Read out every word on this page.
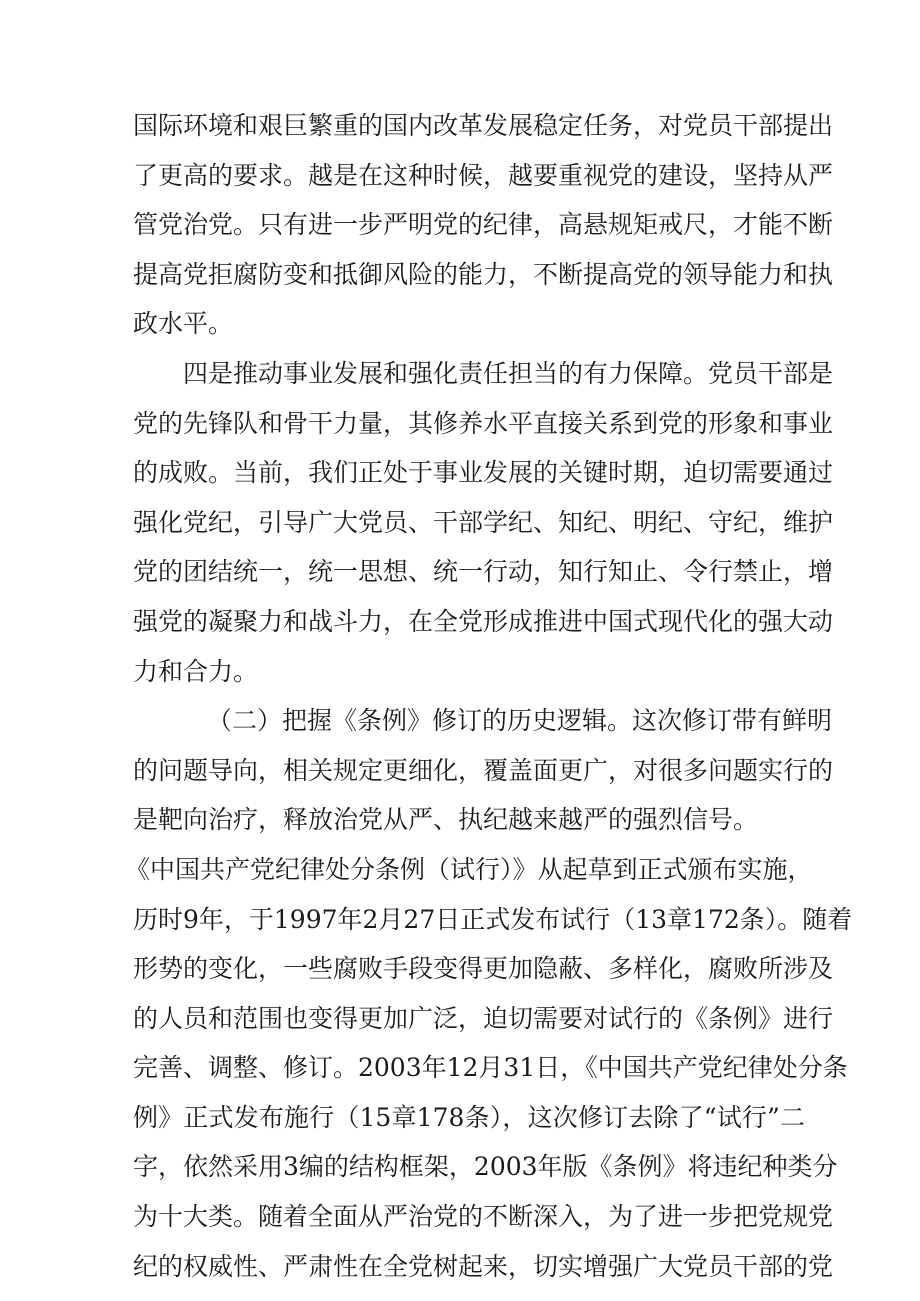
国际环境和艰巨繁重的国内改革发展稳定任务，对党员干部提出
了更高的要求。越是在这种时候，越要重视党的建设，坚持从严
管党治党。只有进一步严明党的纪律，高悬规矩戒尺，才能不断
提高党拒腐防变和抵御风险的能力，不断提高党的领导能力和执
政水平。
四是推动事业发展和强化责任担当的有力保障。党员干部是
党的先锋队和骨干力量，其修养水平直接关系到党的形象和事业
的成败。当前，我们正处于事业发展的关键时期，迫切需要通过
强化党纪，引导广大党员、干部学纪、知纪、明纪、守纪，维护
党的团结统一，统一思想、统一行动，知行知止、令行禁止，增
强党的凝聚力和战斗力，在全党形成推进中国式现代化的强大动
力和合力。
（二）把握《条例》修订的历史逻辑。这次修订带有鲜明
的问题导向，相关规定更细化，覆盖面更广，对很多问题实行的
是靶向治疗，释放治党从严、执纪越来越严的强烈信号。
《中国共产党纪律处分条例（试行）》从起草到正式颁布实施，
历时9年，于1997年2月27日正式发布试行（13章172条）。随着
形势的变化，一些腐败手段变得更加隐蔽、多样化，腐败所涉及
的人员和范围也变得更加广泛，迫切需要对试行的《条例》进行
完善、调整、修订。2003年12月31日，《中国共产党纪律处分条
例》正式发布施行（15章178条），这次修订去除了“试行”二
字，依然采用3编的结构框架，2003年版《条例》将违纪种类分
为十大类。随着全面从严治党的不断深入，为了进一步把党规党
纪的权威性、严肃性在全党树起来，切实增强广大党员干部的党
